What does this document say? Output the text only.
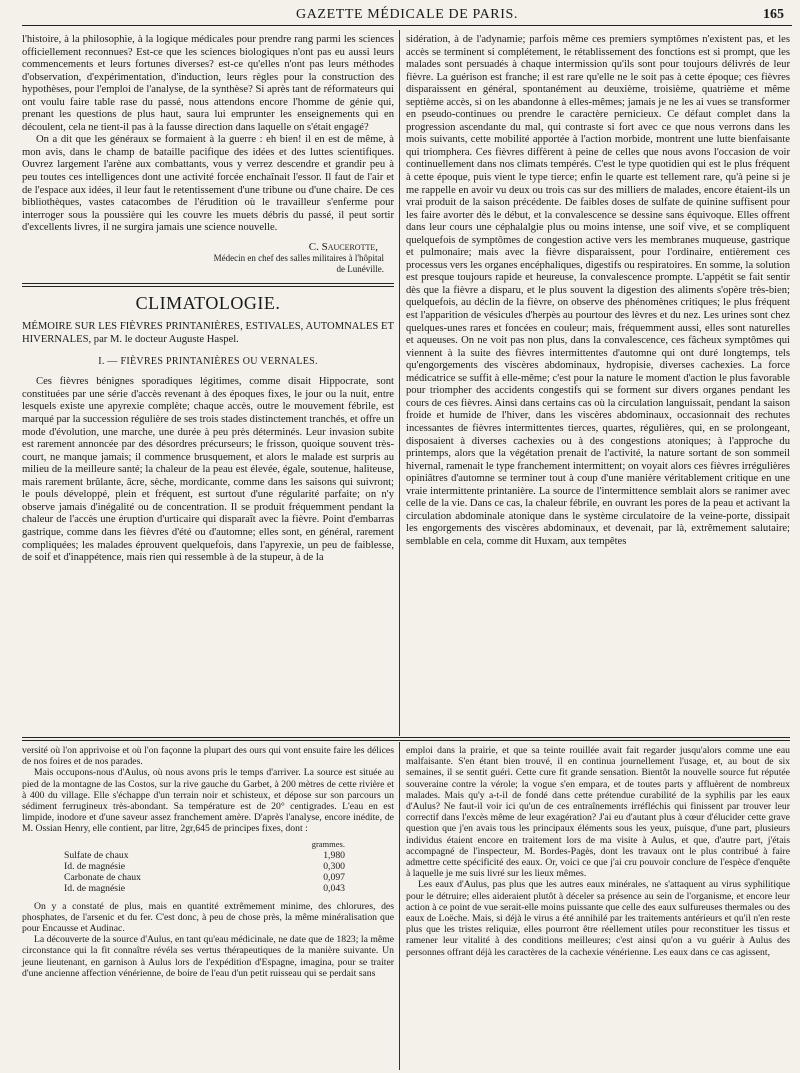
GAZETTE MÉDICALE DE PARIS.	165

l'histoire, à la philosophie, à la logique médicales pour prendre rang parmi les sciences officiellement reconnues? Est-ce que les sciences biologiques n'ont pas eu aussi leurs commencements et leurs fortunes diverses? est-ce qu'elles n'ont pas leurs méthodes d'observation, d'expérimentation, d'induction, leurs règles pour la construction des hypothèses, pour l'emploi de l'analyse, de la synthèse? Si après tant de réformateurs qui ont voulu faire table rase du passé, nous attendons encore l'homme de génie qui, prenant les questions de plus haut, saura lui emprunter les enseignements qui en découlent, cela ne tient-il pas à la fausse direction dans laquelle on s'était engagé?

On a dit que les généraux se formaient à la guerre : eh bien! il en est de même, à mon avis, dans le champ de bataille pacifique des idées et des luttes scientifiques. Ouvrez largement l'arène aux combattants, vous y verrez descendre et grandir peu à peu toutes ces intelligences dont une activité forcée enchaînait l'essor. Il faut de l'air et de l'espace aux idées, il leur faut le retentissement d'une tribune ou d'une chaire. De ces bibliothèques, vastes catacombes de l'érudition où le travailleur s'enferme pour interroger sous la poussière qui les couvre les muets débris du passé, il peut sortir d'excellents livres, il ne surgira jamais une science nouvelle.

C. Saucerotte,
Médecin en chef des salles militaires à l'hôpital
de Lunéville.
CLIMATOLOGIE.
MÉMOIRE SUR LES FIÈVRES PRINTANIÈRES, ESTIVALES, AUTOMNALES ET HIVERNALES, par M. le docteur Auguste Haspel.
I. — FIÈVRES PRINTANIÈRES OU VERNALES.

Ces fièvres bénignes sporadiques légitimes, comme disait Hippocrate, sont constituées par une série d'accès revenant à des époques fixes, le jour ou la nuit, entre lesquels existe une apyrexie complète; chaque accès, outre le mouvement fébrile, est marqué par la succession régulière de ses trois stades distinctement tranchés, et offre un mode d'évolution, une marche, une durée à peu près déterminés. Leur invasion subite est rarement annoncée par des désordres précurseurs; le frisson, quoique souvent très-court, ne manque jamais; il commence brusquement, et alors le malade est surpris au milieu de la meilleure santé; la chaleur de la peau est élevée, égale, soutenue, haliteuse, mais rarement brûlante, âcre, sèche, mordicante, comme dans les saisons qui suivront; le pouls développé, plein et fréquent, est surtout d'une régularité parfaite; on n'y observe jamais d'inégalité ou de concentration. Il se produit fréquemment pendant la chaleur de l'accès une éruption d'urticaire qui disparaît avec la fièvre. Point d'embarras gastrique, comme dans les fièvres d'été ou d'automne; elles sont, en général, rarement compliquées; les malades éprouvent quelquefois, dans l'apyrexie, un peu de faiblesse, de soif et d'inappétence, mais rien qui ressemble à de la stupeur, à de la

sidération, à de l'adynamie; parfois même ces premiers symptômes n'existent pas, et les accès se terminent si complétement, le rétablissement des fonctions est si prompt, que les malades sont persuadés à chaque intermission qu'ils sont pour toujours délivrés de leur fièvre. La guérison est franche; il est rare qu'elle ne le soit pas à cette époque; ces fièvres disparaissent en général, spontanément au deuxième, troisième, quatrième et même septième accès, si on les abandonne à elles-mêmes; jamais je ne les ai vues se transformer en pseudo-continues ou prendre le caractère pernicieux. Ce défaut complet dans la progression ascendante du mal, qui contraste si fort avec ce que nous verrons dans les mois suivants, cette mobilité apportée à l'action morbide, montrent une lutte bienfaisante qui triomphera. Ces fièvres diffèrent à peine de celles que nous avons l'occasion de voir continuellement dans nos climats tempérés. C'est le type quotidien qui est le plus fréquent à cette époque, puis vient le type tierce; enfin le quarte est tellement rare, qu'à peine si je me rappelle en avoir vu deux ou trois cas sur des milliers de malades, encore étaient-ils un vrai produit de la saison précédente. De faibles doses de sulfate de quinine suffisent pour les faire avorter dès le début, et la convalescence se dessine sans équivoque. Elles offrent dans leur cours une céphalalgie plus ou moins intense, une soif vive, et se compliquent quelquefois de symptômes de congestion active vers les membranes muqueuse, gastrique et pulmonaire; mais avec la fièvre disparaissent, pour l'ordinaire, entièrement ces processus vers les organes encéphaliques, digestifs ou respiratoires. En somme, la solution est presque toujours rapide et heureuse, la convalescence prompte. L'appétit se fait sentir dès que la fièvre a disparu, et le plus souvent la digestion des aliments s'opère très-bien; quelquefois, au déclin de la fièvre, on observe des phénomènes critiques; le plus fréquent est l'apparition de vésicules d'herpès au pourtour des lèvres et du nez. Les urines sont chez quelques-unes rares et foncées en couleur; mais, fréquemment aussi, elles sont naturelles et aqueuses. On ne voit pas non plus, dans la convalescence, ces fâcheux symptômes qui viennent à la suite des fièvres intermittentes d'automne qui ont duré longtemps, tels qu'engorgements des viscères abdominaux, hydropisie, diverses cachexies. La force médicatrice se suffit à elle-même; c'est pour la nature le moment d'action le plus favorable pour triompher des accidents congestifs qui se forment sur divers organes pendant les cours de ces fièvres. Ainsi dans certains cas où la circulation languissait, pendant la saison froide et humide de l'hiver, dans les viscères abdominaux, occasionnait des rechutes incessantes de fièvres intermittentes tierces, quartes, régulières, qui, en se prolongeant, disposaient à diverses cachexies ou à des congestions atoniques; à l'approche du printemps, alors que la végétation prenait de l'activité, la nature sortant de son sommeil hivernal, ramenait le type franchement intermittent; on voyait alors ces fièvres irrégulières opiniâtres d'automne se terminer tout à coup d'une manière véritablement critique en une vraie intermittente printanière. La source de l'intermittence semblait alors se ranimer avec celle de la vie. Dans ce cas, la chaleur fébrile, en ouvrant les pores de la peau et activant la circulation abdominale atonique dans le système circulatoire de la veine-porte, dissipait les engorgements des viscères abdominaux, et devenait, par là, extrêmement salutaire; semblable en cela, comme dit Huxam, aux tempêtes

versité où l'on apprivoise et où l'on façonne la plupart des ours qui vont ensuite faire les délices de nos foires et de nos parades.

Mais occupons-nous d'Aulus, où nous avons pris le temps d'arriver. La source est située au pied de la montagne de las Costos, sur la rive gauche du Garbet, à 200 mètres de cette rivière et à 400 du village. Elle s'échappe d'un terrain noir et schisteux, et dépose sur son parcours un sédiment ferrugineux très-abondant. Sa température est de 20° centigrades. L'eau en est limpide, inodore et d'une saveur assez franchement amère. D'après l'analyse, encore inédite, de M. Ossian Henry, elle contient, par litre, 2gr,645 de principes fixes, dont :

	grammes.
Sulfate de chaux	1,980
Id. de magnésie	0,300
Carbonate de chaux	0,097
Id. de magnésie	0,043

On y a constaté de plus, mais en quantité extrêmement minime, des chlorures, des phosphates, de l'arsenic et du fer. C'est donc, à peu de chose près, la même minéralisation que pour Encausse et Audinac.

La découverte de la source d'Aulus, en tant qu'eau médicinale, ne date que de 1823; la même circonstance qui la fit connaître révéla ses vertus thérapeutiques de la manière suivante. Un jeune lieutenant, en garnison à Aulus lors de l'expédition d'Espagne, imagina, pour se traiter d'une ancienne affection vénérienne, de boire de l'eau d'un petit ruisseau qui se perdait sans

emploi dans la prairie, et que sa teinte rouillée avait fait regarder jusqu'alors comme une eau malfaisante. S'en étant bien trouvé, il en continua journellement l'usage, et, au bout de six semaines, il se sentit guéri. Cette cure fit grande sensation. Bientôt la nouvelle source fut réputée souveraine contre la vérole; la vogue s'en empara, et de toutes parts y affluèrent de nombreux malades. Mais qu'y a-t-il de fondé dans cette prétendue curabilité de la syphilis par les eaux d'Aulus? Ne faut-il voir ici qu'un de ces entraînements irréfléchis qui finissent par trouver leur correctif dans l'excès même de leur exagération? J'ai eu d'autant plus à cœur d'élucider cette grave question que j'en avais tous les principaux éléments sous les yeux, puisque, d'une part, plusieurs individus étaient encore en traitement lors de ma visite à Aulus, et que, d'autre part, j'étais accompagné de l'inspecteur, M. Bordes-Pagès, dont les travaux ont le plus contribué à faire admettre cette spécificité des eaux. Or, voici ce que j'ai cru pouvoir conclure de l'espèce d'enquête à laquelle je me suis livré sur les lieux mêmes.

Les eaux d'Aulus, pas plus que les autres eaux minérales, ne s'attaquent au virus syphilitique pour le détruire; elles aideraient plutôt à déceler sa présence au sein de l'organisme, et encore leur action à ce point de vue serait-elle moins puissante que celle des eaux sulfureuses thermales ou des eaux de Loëche. Mais, si déjà le virus a été annihilé par les traitements antérieurs et qu'il n'en reste plus que les tristes reliquiæ, elles pourront être réellement utiles pour reconstituer les tissus et ramener leur vitalité à des conditions meilleures; c'est ainsi qu'on a vu guérir à Aulus des personnes offrant déjà les caractères de la cachexie vénérienne. Les eaux dans ce cas agissent,
